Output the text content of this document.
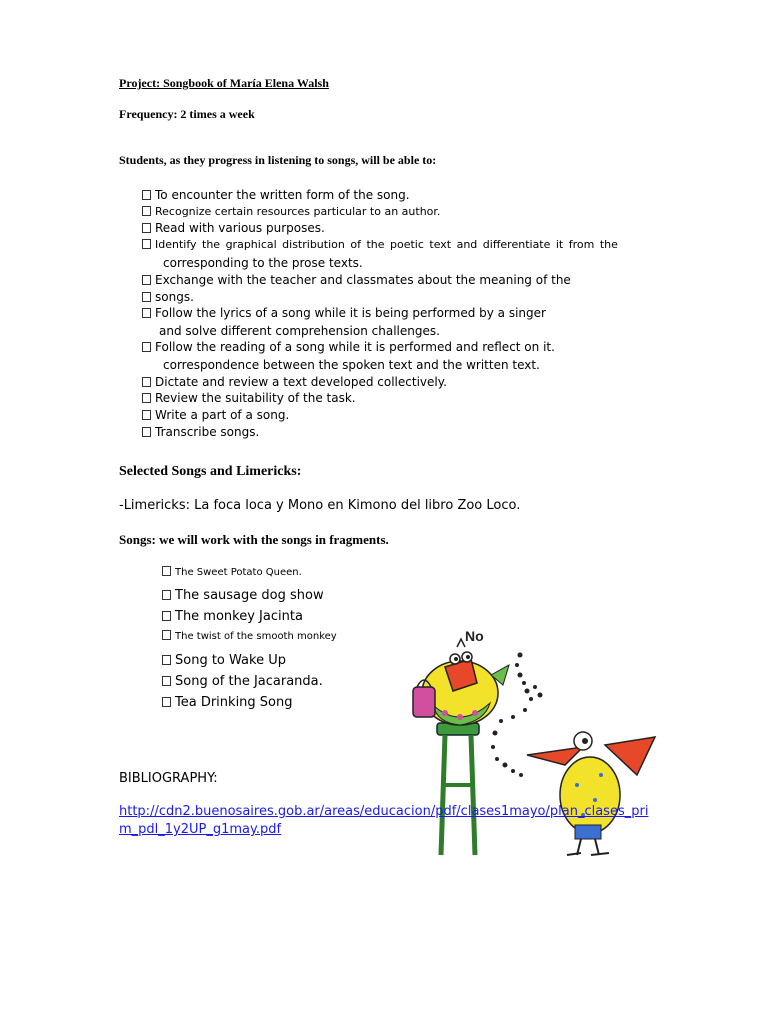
Project: Songbook of María Elena Walsh
Frequency: 2 times a week
Students, as they progress in listening to songs, will be able to:
To encounter the written form of the song.
Recognize certain resources particular to an author.
Read with various purposes.
Identify the graphical distribution of the poetic text and differentiate it from the
corresponding to the prose texts.
Exchange with the teacher and classmates about the meaning of the
songs.
Follow the lyrics of a song while it is being performed by a singer
and solve different comprehension challenges.
Follow the reading of a song while it is performed and reflect on it.
correspondence between the spoken text and the written text.
Dictate and review a text developed collectively.
Review the suitability of the task.
Write a part of a song.
Transcribe songs.
Selected Songs and Limericks:
-Limericks: La foca loca y Mono en Kimono del libro Zoo Loco.
Songs: we will work with the songs in fragments.
The Sweet Potato Queen.
The sausage dog show
The monkey Jacinta
The twist of the smooth monkey
Song to Wake Up
Song of the Jacaranda.
Tea Drinking Song
No
BIBLIOGRAPHY:
http://cdn2.buenosaires.gob.ar/areas/educacion/pdf/clases1mayo/plan_clases_pri
m_pdl_1y2UP_g1may.pdf
